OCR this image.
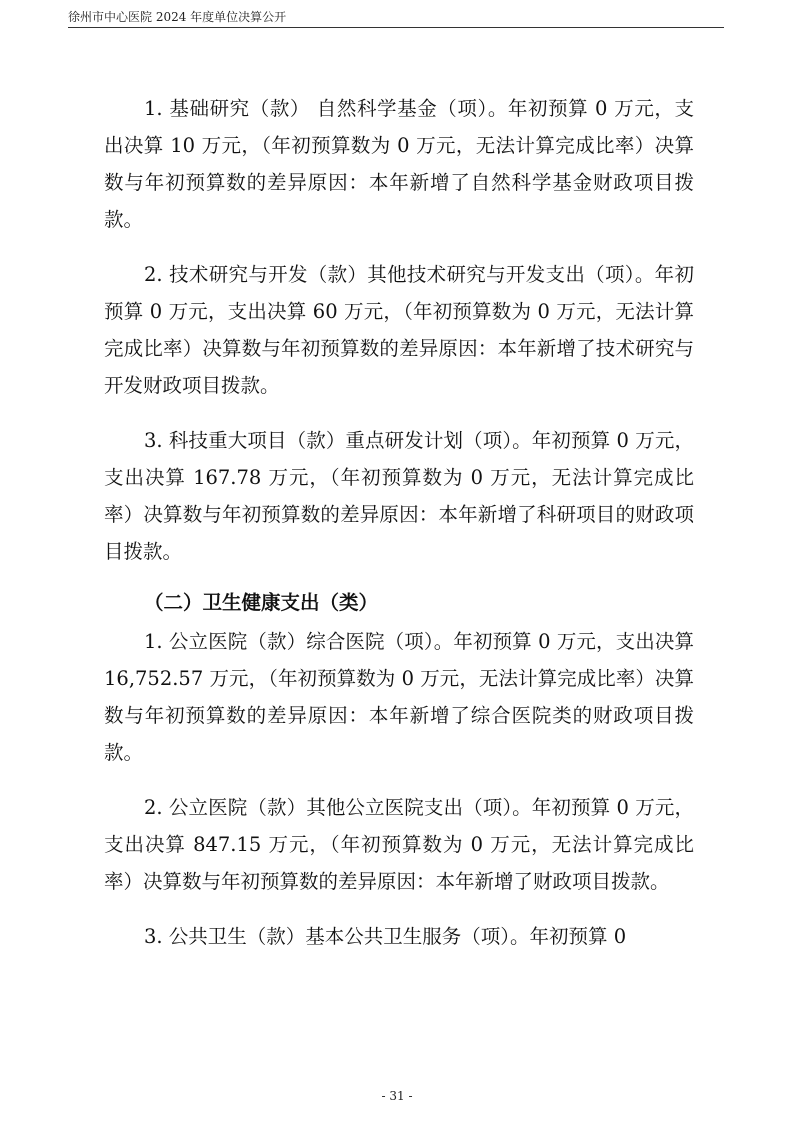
徐州市中心医院 2024 年度单位决算公开

1. 基础研究（款） 自然科学基金（项）。年初预算 0 万元，支出决算 10 万元，（年初预算数为 0 万元，无法计算完成比率）决算数与年初预算数的差异原因：本年新增了自然科学基金财政项目拨款。

2. 技术研究与开发（款）其他技术研究与开发支出（项）。年初预算 0 万元，支出决算 60 万元，（年初预算数为 0 万元，无法计算完成比率）决算数与年初预算数的差异原因：本年新增了技术研究与开发财政项目拨款。

3. 科技重大项目（款）重点研发计划（项）。年初预算 0 万元，支出决算 167.78 万元，（年初预算数为 0 万元，无法计算完成比率）决算数与年初预算数的差异原因：本年新增了科研项目的财政项目拨款。

（二）卫生健康支出（类）

1. 公立医院（款）综合医院（项）。年初预算 0 万元，支出决算 16,752.57 万元，（年初预算数为 0 万元，无法计算完成比率）决算数与年初预算数的差异原因：本年新增了综合医院类的财政项目拨款。

2. 公立医院（款）其他公立医院支出（项）。年初预算 0 万元，支出决算 847.15 万元，（年初预算数为 0 万元，无法计算完成比率）决算数与年初预算数的差异原因：本年新增了财政项目拨款。

3. 公共卫生（款）基本公共卫生服务（项）。年初预算 0

- 31 -
